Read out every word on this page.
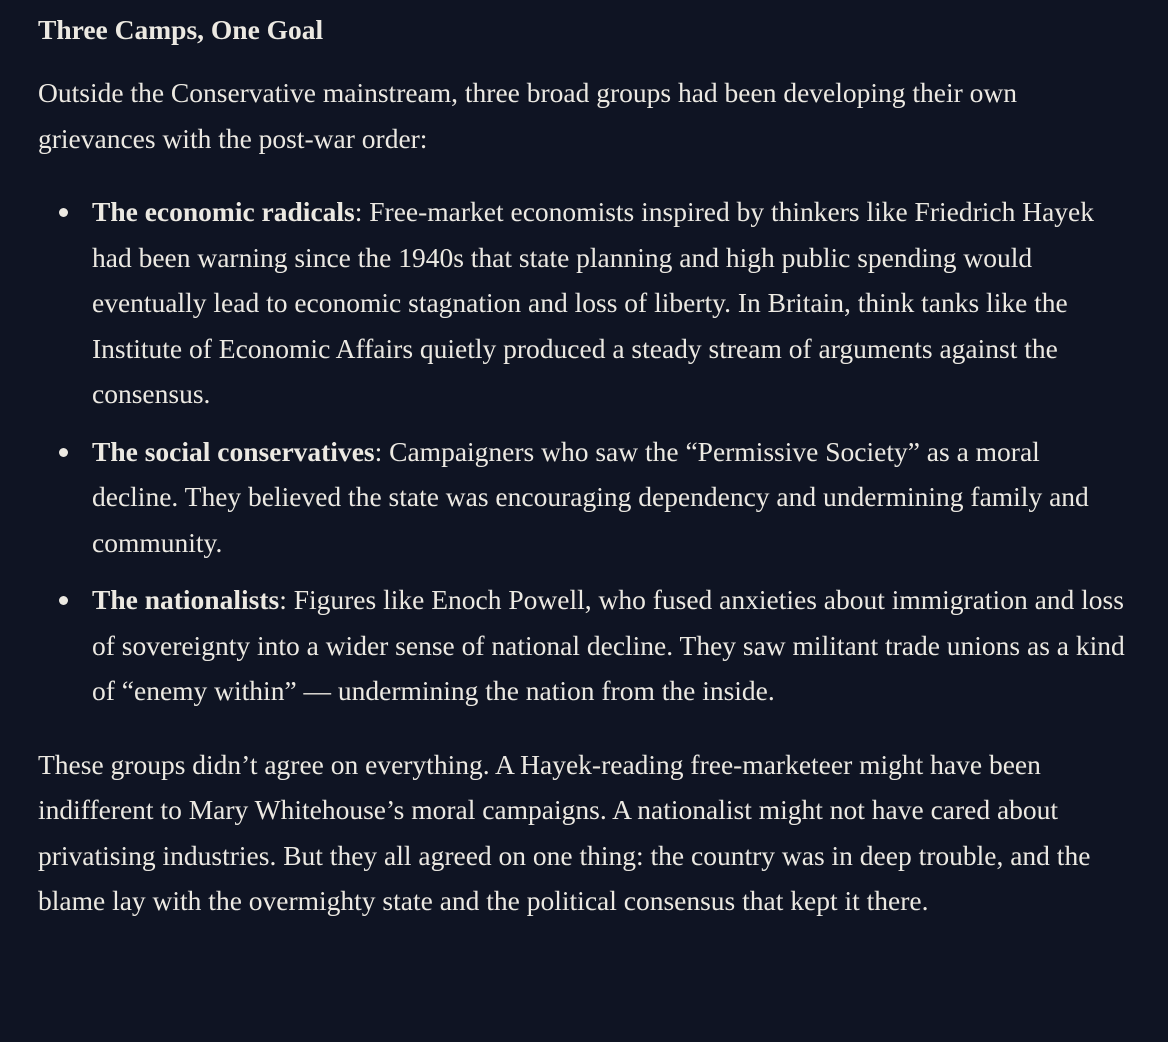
Three Camps, One Goal

Outside the Conservative mainstream, three broad groups had been developing their own grievances with the post-war order:

The economic radicals: Free-market economists inspired by thinkers like Friedrich Hayek had been warning since the 1940s that state planning and high public spending would eventually lead to economic stagnation and loss of liberty. In Britain, think tanks like the Institute of Economic Affairs quietly produced a steady stream of arguments against the consensus.
The social conservatives: Campaigners who saw the “Permissive Society” as a moral decline. They believed the state was encouraging dependency and undermining family and community.
The nationalists: Figures like Enoch Powell, who fused anxieties about immigration and loss of sovereignty into a wider sense of national decline. They saw militant trade unions as a kind of “enemy within” — undermining the nation from the inside.

These groups didn’t agree on everything. A Hayek-reading free-marketeer might have been indifferent to Mary Whitehouse’s moral campaigns. A nationalist might not have cared about privatising industries. But they all agreed on one thing: the country was in deep trouble, and the blame lay with the overmighty state and the political consensus that kept it there.
